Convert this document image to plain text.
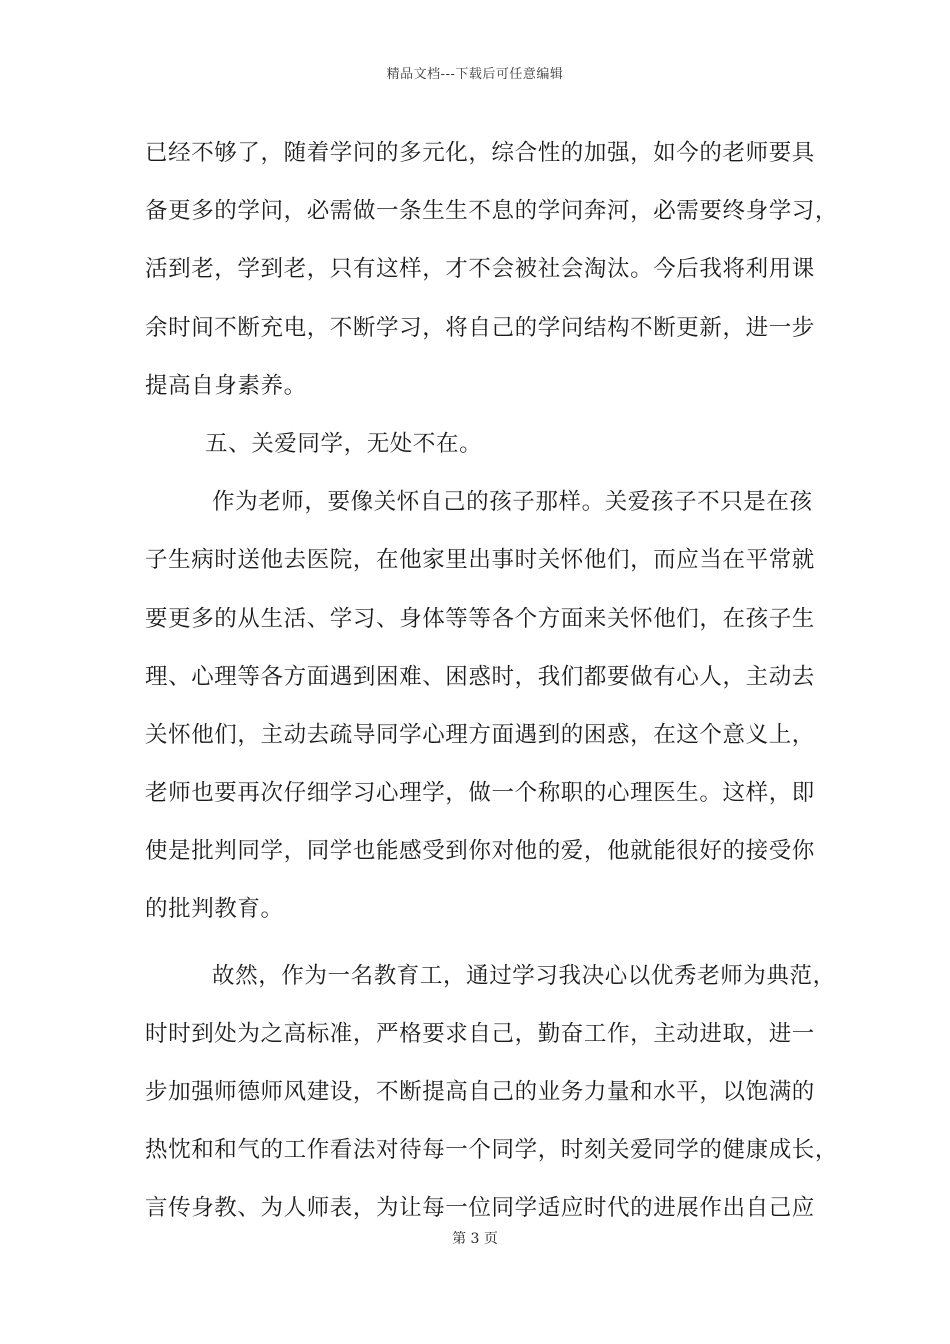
精品文档---下载后可任意编辑
已经不够了，随着学问的多元化，综合性的加强，如今的老师要具
备更多的学问，必需做一条生生不息的学问奔河，必需要终身学习，
活到老，学到老，只有这样，才不会被社会淘汰。今后我将利用课
余时间不断充电，不断学习，将自己的学问结构不断更新，进一步
提高自身素养。
五、关爱同学，无处不在。
作为老师，要像关怀自己的孩子那样。关爱孩子不只是在孩
子生病时送他去医院，在他家里出事时关怀他们，而应当在平常就
要更多的从生活、学习、身体等等各个方面来关怀他们，在孩子生
理、心理等各方面遇到困难、困惑时，我们都要做有心人，主动去
关怀他们，主动去疏导同学心理方面遇到的困惑，在这个意义上，
老师也要再次仔细学习心理学，做一个称职的心理医生。这样，即
使是批判同学，同学也能感受到你对他的爱，他就能很好的接受你
的批判教育。
故然，作为一名教育工，通过学习我决心以优秀老师为典范，
时时到处为之高标准，严格要求自己，勤奋工作，主动进取，进一
步加强师德师风建设，不断提高自己的业务力量和水平，以饱满的
热忱和和气的工作看法对待每一个同学，时刻关爱同学的健康成长，
言传身教、为人师表，为让每一位同学适应时代的进展作出自己应
第 3 页
